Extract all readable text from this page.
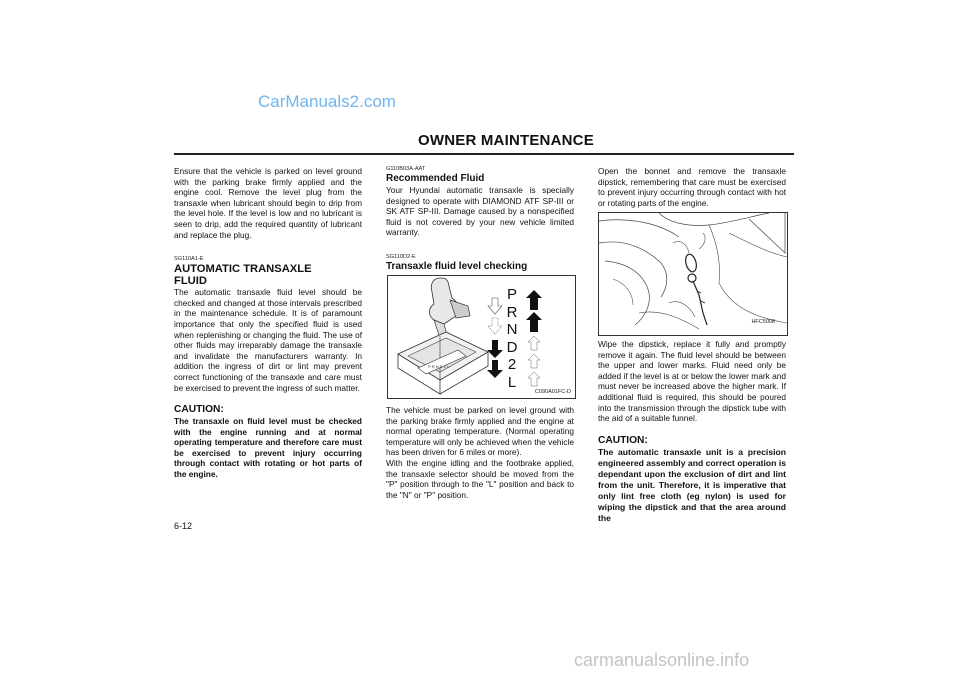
CarManuals2.com
OWNER MAINTENANCE

Ensure that the vehicle is parked on level ground with the parking brake firmly applied and the engine cool. Remove the level plug from the transaxle when lubricant should begin to drip from the level hole. If the level is low and no lubricant is seen to drip, add the required quantity of lubricant and replace the plug.

SG110A1-E

AUTOMATIC TRANSAXLE FLUID

The automatic transaxle fluid level should be checked and changed at those intervals prescribed in the maintenance schedule. It is of paramount importance that only the specified fluid is used when replenishing or changing the fluid. The use of other fluids may irreparably damage the transaxle and invalidate the manufacturers warranty. In addition the ingress of dirt or lint may prevent correct functioning of the transaxle and care must be exercised to prevent the ingress of such matter.

CAUTION:

The transaxle on fluid level must be checked with the engine running and at normal operating temperature and therefore care must be exercised to prevent injury occurring through contact with rotating or hot parts of the engine.

G110B03A-AAT

Recommended Fluid

Your Hyundai automatic transaxle is specially designed to operate with DIAMOND ATF SP-III or SK ATF SP-III. Damage caused by a nonspecified fluid is not covered by your new vehicle limited warranty.

SG110D2-E

Transaxle fluid level checking

P R N D 2 L
P
R
N
D
2
L
C090A01FC-D

The vehicle must be parked on level ground with the parking brake firmly applied and the engine at normal operating temperature. (Normal operating temperature will only be achieved when the vehicle has been driven for 6 miles or more).

With the engine idling and the footbrake applied, the transaxle selector should be moved from the "P" position through to the "L" position and back to the "N" or "P" position.

Open the bonnet and remove the transaxle dipstick, remembering that care must be exercised to prevent injury occurring through contact with hot or rotating parts of the engine.

HFC5008

Wipe the dipstick, replace it fully and promptly remove it again. The fluid level should be between the upper and lower marks. Fluid need only be added if the level is at or below the lower mark and must never be increased above the higher mark. If additional fluid is required, this should be poured into the transmission through the dipstick tube with the aid of a suitable funnel.

CAUTION:

The automatic transaxle unit is a precision engineered assembly and correct operation is dependant upon the exclusion of dirt and lint from the unit. Therefore, it is imperative that only lint free cloth (eg nylon) is used for wiping the dipstick and that the area around the

6-12
carmanualsonline.info
